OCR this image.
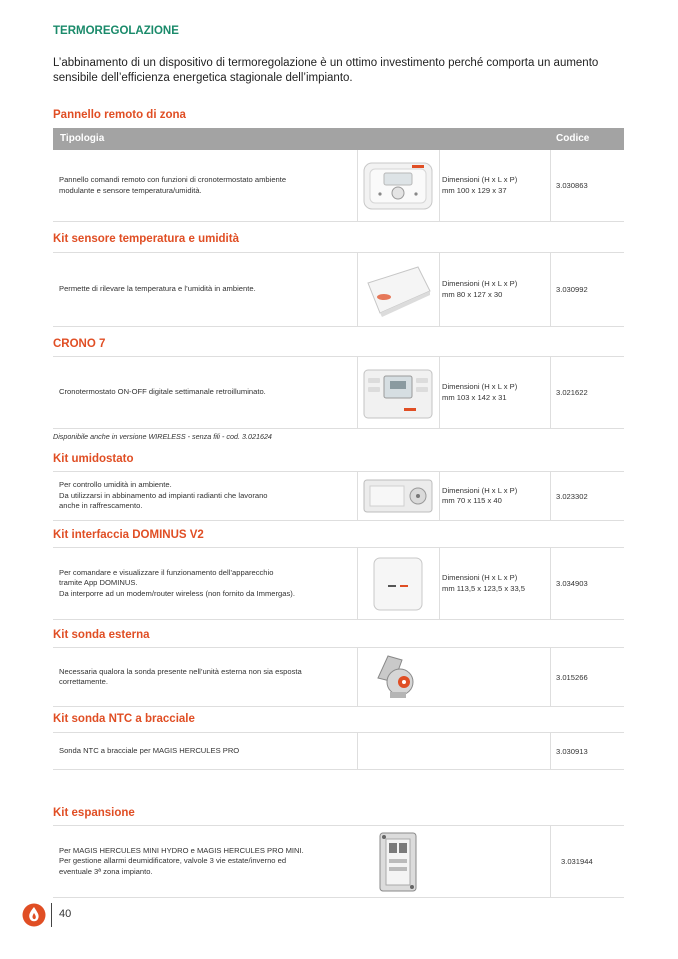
TERMOREGOLAZIONE
L’abbinamento di un dispositivo di termoregolazione è un ottimo investimento perché comporta un aumento sensibile dell’efficienza energetica stagionale dell’impianto.
Pannello remoto di zona
Tipologia	Codice
Pannello comandi remoto con funzioni di cronotermostato ambiente
modulante e sensore temperatura/umidità.
Dimensioni (H x L x P)
mm 100 x 129 x 37	3.030863
Kit sensore temperatura e umidità
Permette di rilevare la temperatura e l’umidità in ambiente.
Dimensioni (H x L x P)
mm 80 x 127 x 30	3.030992
CRONO 7
Cronotermostato ON-OFF digitale settimanale retroilluminato.
Dimensioni (H x L x P)
mm 103 x 142 x 31	3.021622
Disponibile anche in versione WIRELESS - senza fili - cod. 3.021624
Kit umidostato
Per controllo umidità in ambiente.
Da utilizzarsi in abbinamento ad impianti radianti che lavorano
anche in raffrescamento.
Dimensioni (H x L x P)
mm 70 x 115 x 40	3.023302
Kit interfaccia DOMINUS V2
Per comandare e visualizzare il funzionamento dell’apparecchio
tramite App DOMINUS.
Da interporre ad un modem/router wireless (non fornito da Immergas).
Dimensioni (H x L x P)
mm 113,5 x 123,5 x 33,5	3.034903
Kit sonda esterna
Necessaria qualora la sonda presente nell’unità esterna non sia esposta
correttamente.	3.015266
Kit sonda NTC a bracciale
Sonda NTC a bracciale per MAGIS HERCULES PRO	3.030913
Kit espansione
Per MAGIS HERCULES MINI HYDRO e MAGIS HERCULES PRO MINI.
Per gestione allarmi deumidificatore, valvole 3 vie estate/inverno ed
eventuale 3ª zona impianto.
3.031944
40
